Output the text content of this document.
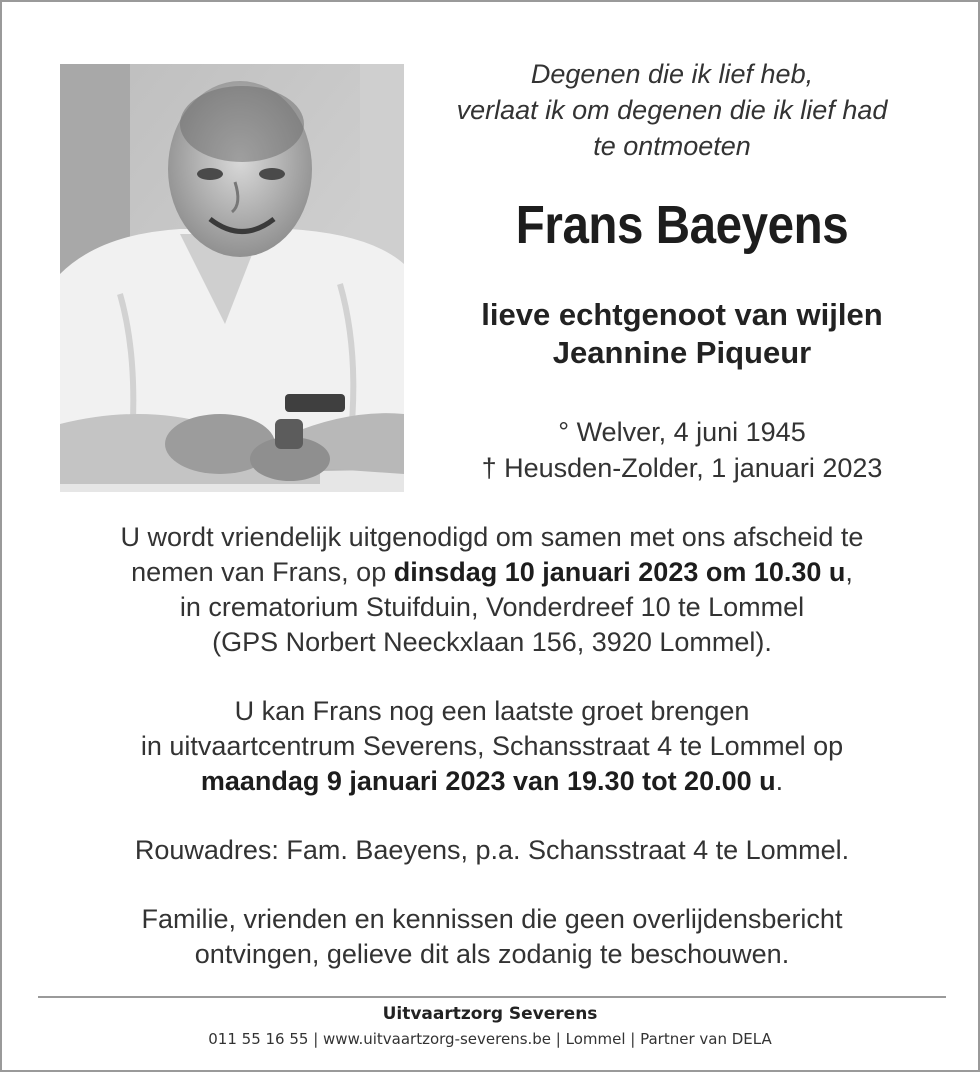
Degenen die ik lief heb,
verlaat ik om degenen die ik lief had
te ontmoeten
Frans Baeyens
lieve echtgenoot van wijlen
Jeannine Piqueur
° Welver, 4 juni 1945
† Heusden-Zolder, 1 januari 2023

U wordt vriendelijk uitgenodigd om samen met ons afscheid te

nemen van Frans, op dinsdag 10 januari 2023 om 10.30 u,

in crematorium Stuifduin, Vonderdreef 10 te Lommel

(GPS Norbert Neeckxlaan 156, 3920 Lommel).

U kan Frans nog een laatste groet brengen

in uitvaartcentrum Severens, Schansstraat 4 te Lommel op

maandag 9 januari 2023 van 19.30 tot 20.00 u.

Rouwadres: Fam. Baeyens, p.a. Schansstraat 4 te Lommel.

Familie, vrienden en kennissen die geen overlijdensbericht

ontvingen, gelieve dit als zodanig te beschouwen.

Uitvaartzorg Severens
011 55 16 55 | www.uitvaartzorg-severens.be | Lommel | Partner van DELA
